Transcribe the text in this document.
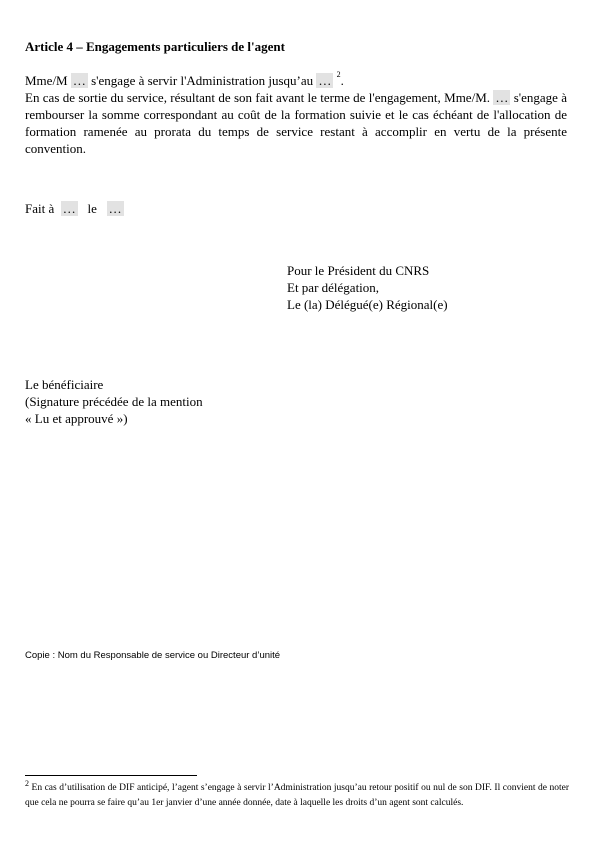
Article 4 – Engagements particuliers de l'agent
Mme/M … s'engage à servir l'Administration jusqu’au … $^2$.
En cas de sortie du service, résultant de son fait avant le terme de l'engagement, Mme/M. … s'engage à rembourser la somme correspondant au coût de la formation suivie et le cas échéant de l'allocation de formation ramenée au prorata du temps de service restant à accomplir en vertu de la présente convention.
Fait à … le …
Pour le Président du CNRS
Et par délégation,
Le (la) Délégué(e) Régional(e)
Le bénéficiaire
(Signature précédée de la mention
« Lu et approuvé »)
Copie : Nom du Responsable de service ou Directeur d’unité
$^2$ En cas d’utilisation de DIF anticipé, l’agent s’engage à servir l’Administration jusqu’au retour positif ou nul de son DIF. Il convient de noter que cela ne pourra se faire qu’au 1er janvier d’une année donnée, date à laquelle les droits d’un agent sont calculés.
